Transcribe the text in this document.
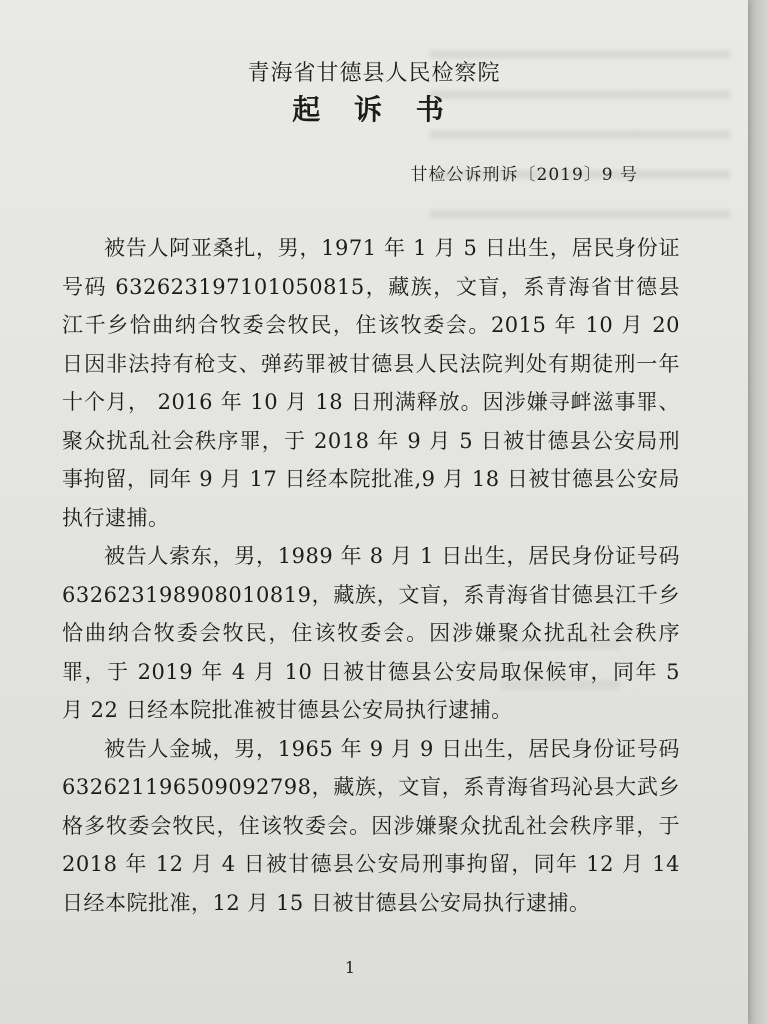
青海省甘德县人民检察院
起 诉 书
甘检公诉刑诉〔2019〕9 号

被告人阿亚桑扎，男，1971 年 1 月 5 日出生，居民身份证号码 632623197101050815，藏族，文盲，系青海省甘德县江千乡恰曲纳合牧委会牧民，住该牧委会。2015 年 10 月 20 日因非法持有枪支、弹药罪被甘德县人民法院判处有期徒刑一年十个月， 2016 年 10 月 18 日刑满释放。因涉嫌寻衅滋事罪、聚众扰乱社会秩序罪，于 2018 年 9 月 5 日被甘德县公安局刑事拘留，同年 9 月 17 日经本院批准,9 月 18 日被甘德县公安局执行逮捕。

被告人索东，男，1989 年 8 月 1 日出生，居民身份证号码 632623198908010819，藏族，文盲，系青海省甘德县江千乡恰曲纳合牧委会牧民，住该牧委会。因涉嫌聚众扰乱社会秩序罪，于 2019 年 4 月 10 日被甘德县公安局取保候审，同年 5 月 22 日经本院批准被甘德县公安局执行逮捕。

被告人金城，男，1965 年 9 月 9 日出生，居民身份证号码 632621196509092798，藏族，文盲，系青海省玛沁县大武乡格多牧委会牧民，住该牧委会。因涉嫌聚众扰乱社会秩序罪，于 2018 年 12 月 4 日被甘德县公安局刑事拘留，同年 12 月 14 日经本院批准，12 月 15 日被甘德县公安局执行逮捕。

1
